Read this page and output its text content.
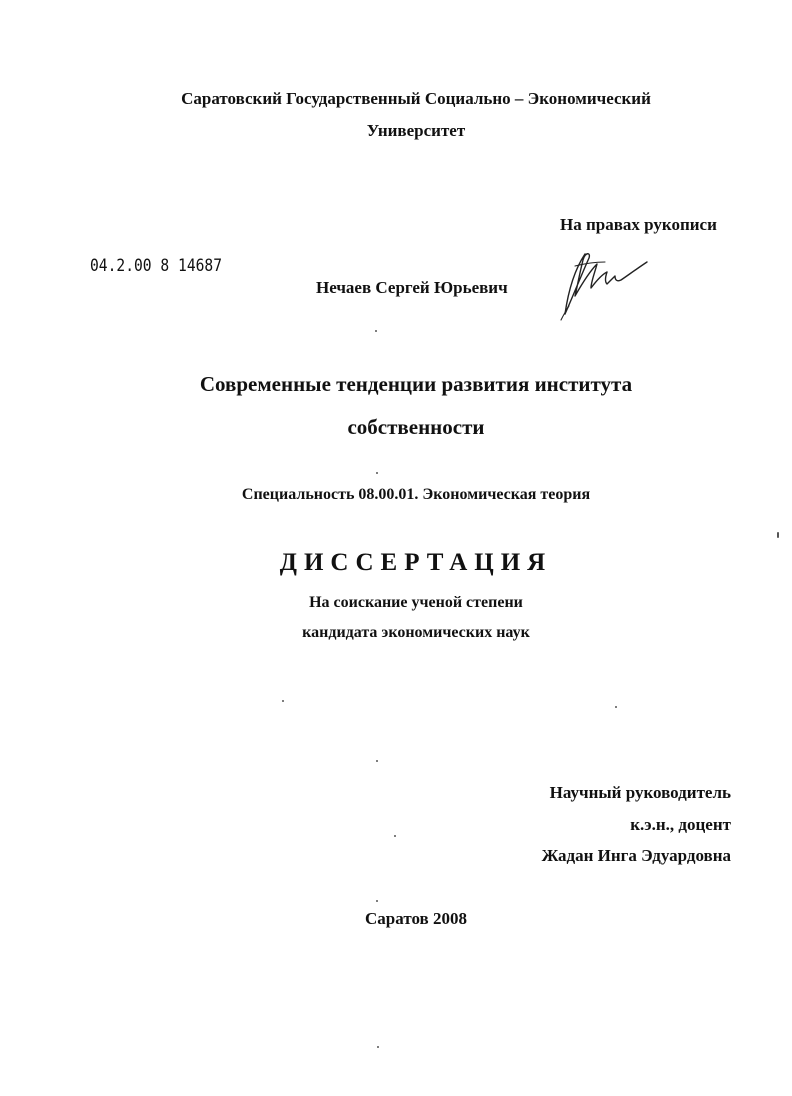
Саратовский Государственный Социально – Экономический

Университет

На правах рукописи

04.2.00 8 14687

Нечаев Сергей Юрьевич

Современные тенденции развития института

собственности

Специальность 08.00.01. Экономическая теория

ДИССЕРТАЦИЯ

На соискание ученой степени

кандидата экономических наук

Научный руководитель

к.э.н., доцент

Жадан Инга Эдуардовна

Саратов 2008
